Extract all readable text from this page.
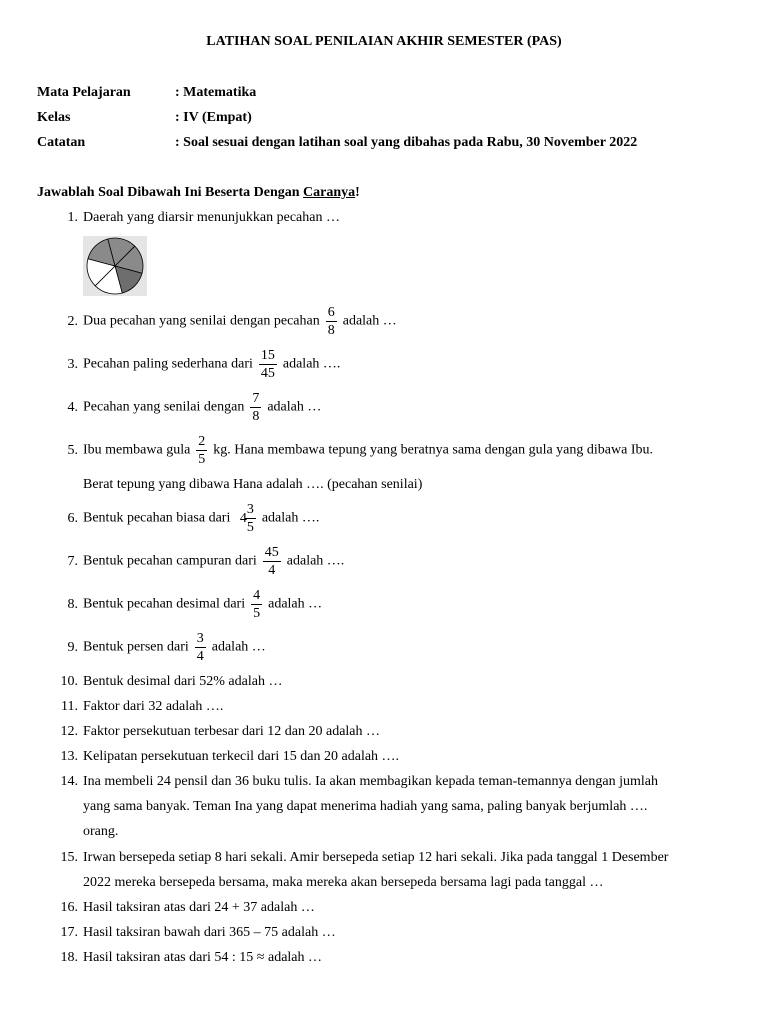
LATIHAN SOAL PENILAIAN AKHIR SEMESTER (PAS)
Mata Pelajaran	: Matematika
Kelas	: IV (Empat)
Catatan	: Soal sesuai dengan latihan soal yang dibahas pada Rabu, 30 November 2022
Jawablah Soal Dibawah Ini Beserta Dengan Caranya!
1. Daerah yang diarsir menunjukkan pecahan …
2. Dua pecahan yang senilai dengan pecahan $\frac{6}{8}$ adalah …
3. Pecahan paling sederhana dari $\frac{15}{45}$ adalah ….
4. Pecahan yang senilai dengan $\frac{7}{8}$ adalah …
5. Ibu membawa gula $\frac{2}{5}$ kg. Hana membawa tepung yang beratnya sama dengan gula yang dibawa Ibu.
Berat tepung yang dibawa Hana adalah …. (pecahan senilai)
6. Bentuk pecahan biasa dari 4
$\frac{3}{5}$ adalah ….
7. Bentuk pecahan campuran dari $\frac{45}{4}$ adalah ….
8. Bentuk pecahan desimal dari $\frac{4}{5}$ adalah …
9. Bentuk persen dari $\frac{3}{4}$ adalah …
10. Bentuk desimal dari 52% adalah …
11. Faktor dari 32 adalah ….
12. Faktor persekutuan terbesar dari 12 dan 20 adalah …
13. Kelipatan persekutuan terkecil dari 15 dan 20 adalah ….
14. Ina membeli 24 pensil dan 36 buku tulis. Ia akan membagikan kepada teman-temannya dengan jumlah
yang sama banyak. Teman Ina yang dapat menerima hadiah yang sama, paling banyak berjumlah ….
orang.
15. Irwan bersepeda setiap 8 hari sekali. Amir bersepeda setiap 12 hari sekali. Jika pada tanggal 1 Desember
2022 mereka bersepeda bersama, maka mereka akan bersepeda bersama lagi pada tanggal …
16. Hasil taksiran atas dari 24 + 37 adalah …
17. Hasil taksiran bawah dari 365 – 75 adalah …
18. Hasil taksiran atas dari 54 : 15 ≈ adalah …
